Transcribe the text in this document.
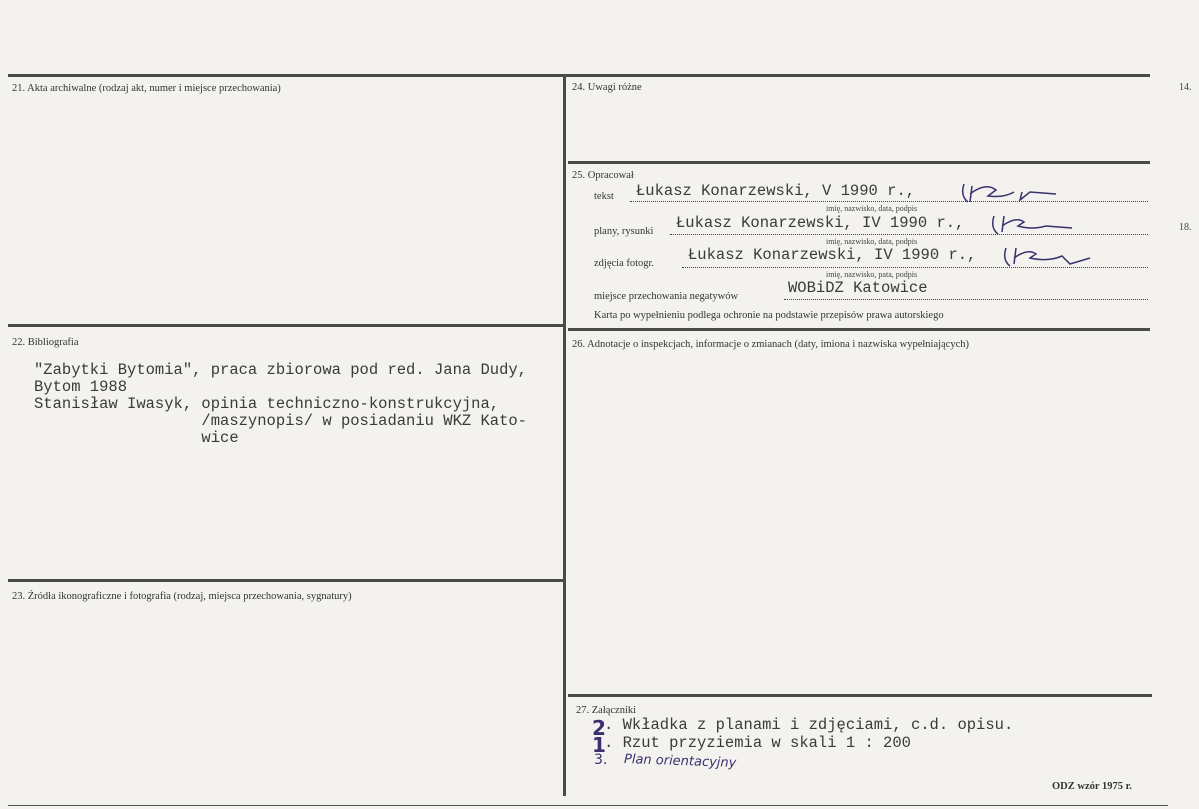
14.
18.
21. Akta archiwalne (rodzaj akt, numer i miejsce przechowania)
22. Bibliografia
"Zabytki Bytomia", praca zbiorowa pod red. Jana Dudy,
Bytom 1988
Stanisław Iwasyk, opinia techniczno-konstrukcyjna,
/maszynopis/ w posiadaniu WKZ Kato-
wice
23. Źródła ikonograficzne i fotografia (rodzaj, miejsca przechowania, sygnatury)
24. Uwagi różne
25. Opracował
tekst Łukasz Konarzewski, V 1990 r.,
imię, nazwisko, data, podpis
plany, rysunki Łukasz Konarzewski, IV 1990 r.,
imię, nazwisko, data, podpis
zdjęcia fotogr. Łukasz Konarzewski, IV 1990 r.,
imię, nazwisko, pata, podpis
miejsce przechowania negatywów	WOBiDZ Katowice
Karta po wypełnieniu podlega ochronie na podstawie przepisów prawa autorskiego
26. Adnotacje o inspekcjach, informacje o zmianach (daty, imiona i nazwiska wypełniających)
27. Załączniki
2
. Wkładka z planami i zdjęciami, c.d. opisu.
1
. Rzut przyziemia w skali 1 : 200
3. Plan orientacyjny
ODZ wzór 1975 r.
